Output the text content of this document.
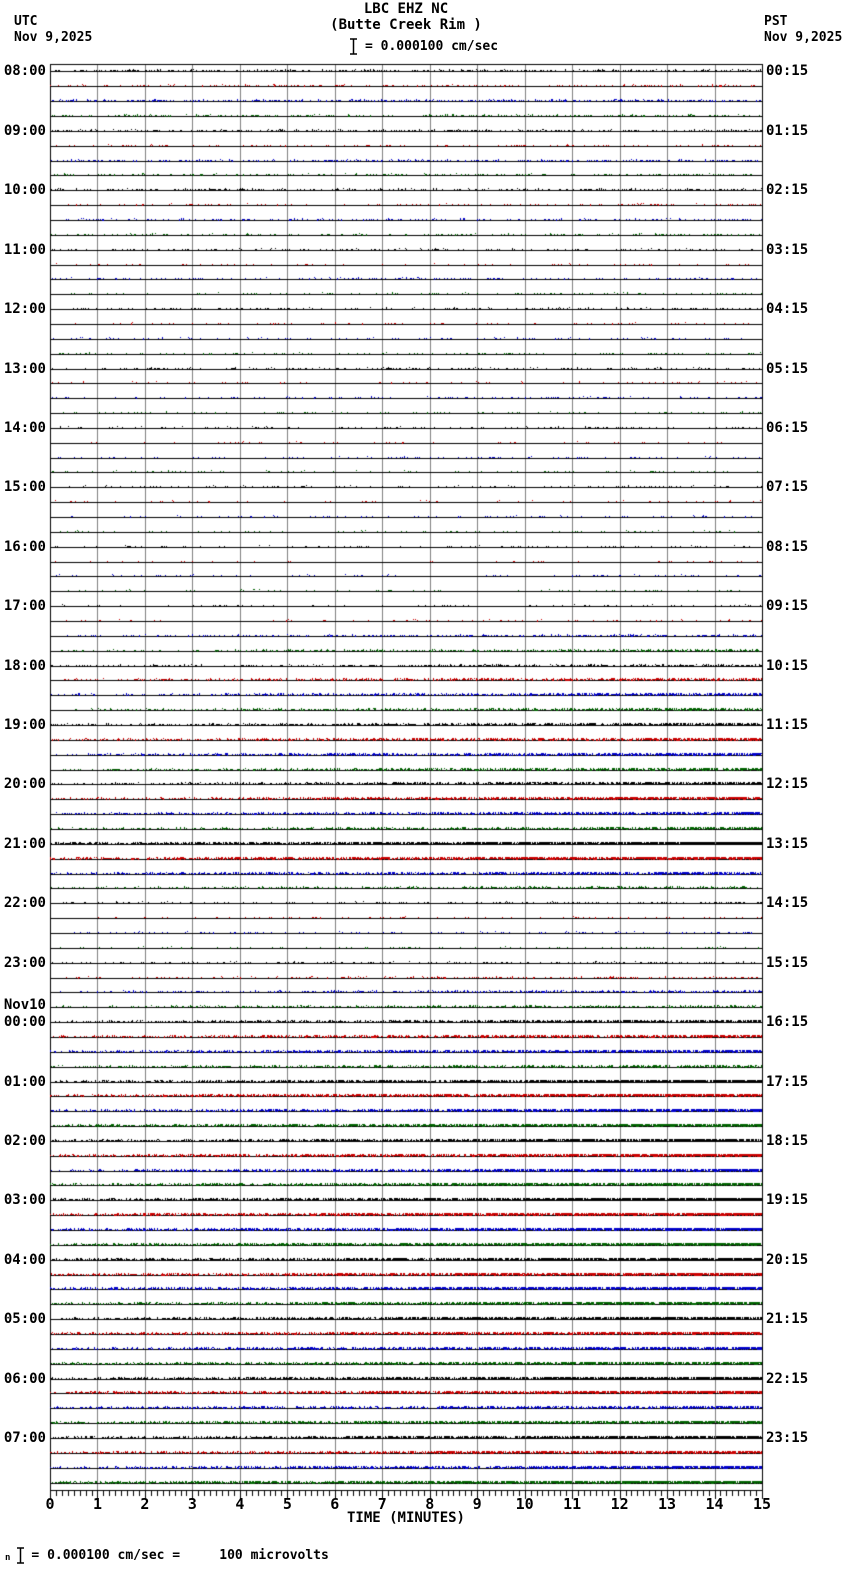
UTC
Nov 9,2025
LBC EHZ NC
(Butte Creek Rim )
= 0.000100 cm/sec
PST
Nov 9,2025
08:00
09:00
10:00
11:00
12:00
13:00
14:00
15:00
16:00
17:00
18:00
19:00
20:00
21:00
22:00
23:00
Nov10
00:00
01:00
02:00
03:00
04:00
05:00
06:00
07:00
00:15
01:15
02:15
03:15
04:15
05:15
06:15
07:15
08:15
09:15
10:15
11:15
12:15
13:15
14:15
15:15
16:15
17:15
18:15
19:15
20:15
21:15
22:15
23:15
0	1	2	3	4	5	6	7	8	9 10 11 12 13 14 15
TIME (MINUTES)
n = 0.000100 cm/sec =     100 microvolts
